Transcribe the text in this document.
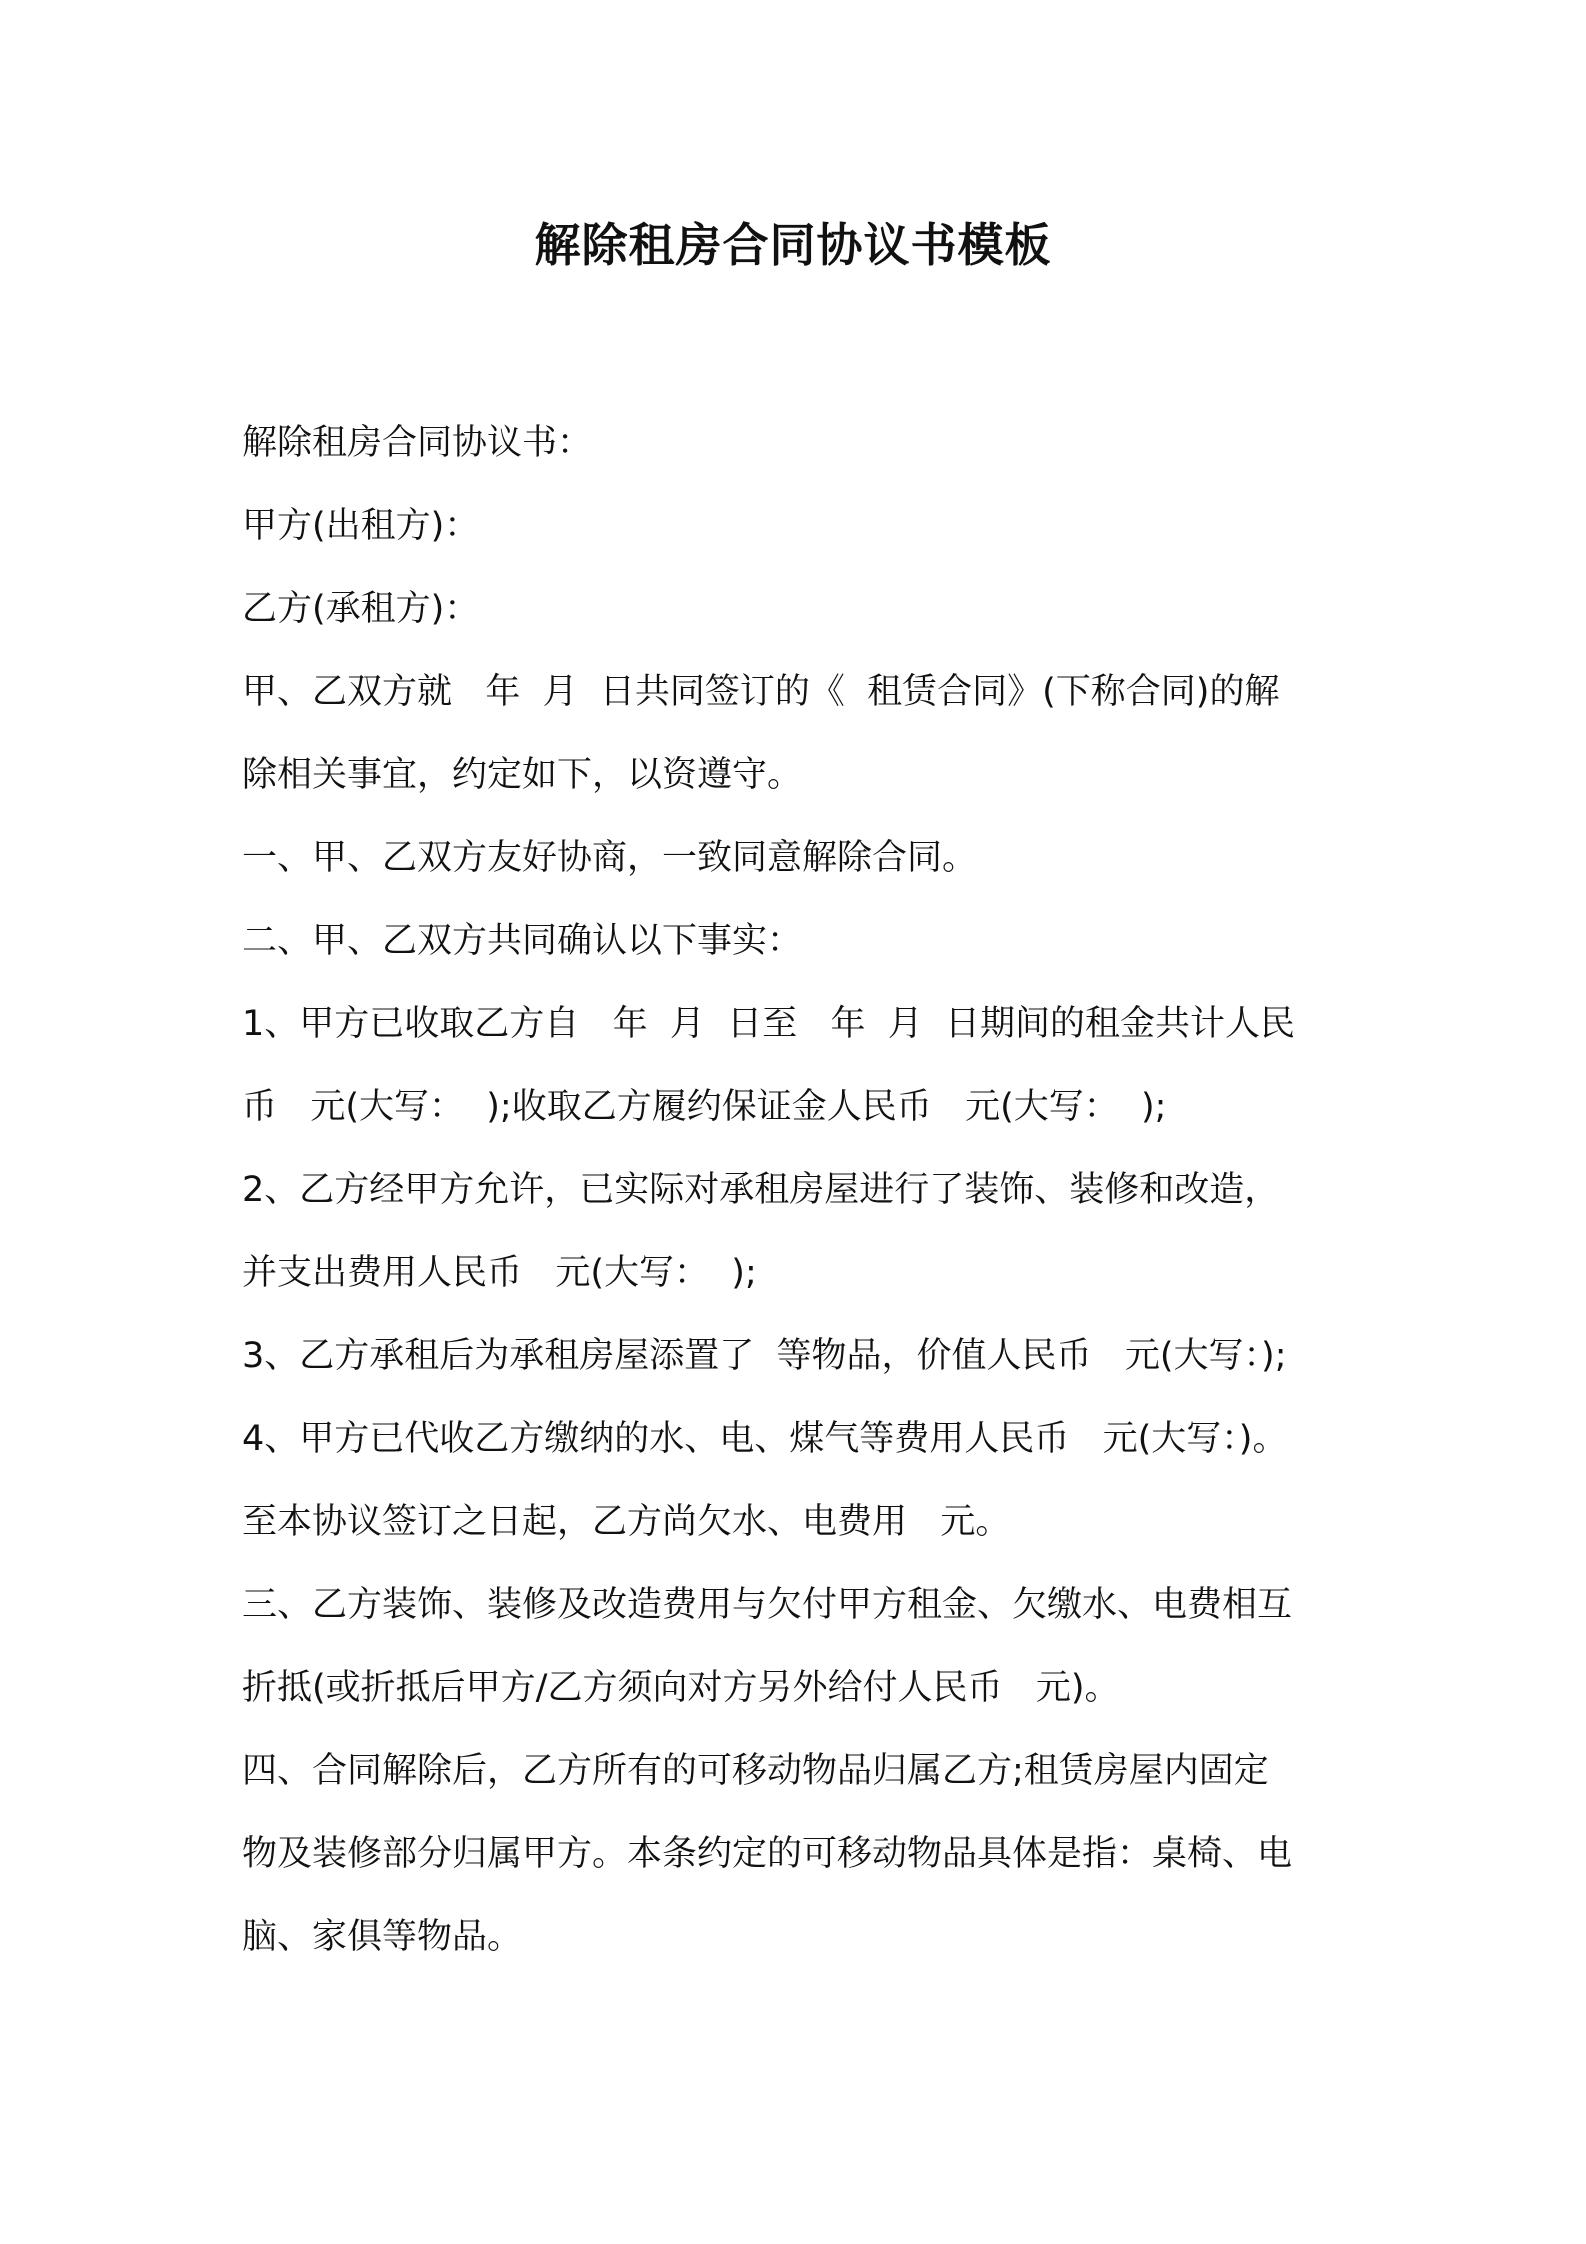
解除租房合同协议书模板

解除租房合同协议书：

甲方(出租方)：

乙方(承租方)：

甲、乙双方就   年  月  日共同签订的《  租赁合同》(下称合同)的解

除相关事宜，约定如下，以资遵守。

一、甲、乙双方友好协商，一致同意解除合同。

二、甲、乙双方共同确认以下事实：

1、甲方已收取乙方自   年  月  日至   年  月  日期间的租金共计人民

币   元(大写：  );收取乙方履约保证金人民币   元(大写：  );

2、乙方经甲方允许，已实际对承租房屋进行了装饰、装修和改造，

并支出费用人民币   元(大写：  );

3、乙方承租后为承租房屋添置了  等物品，价值人民币   元(大写：);

4、甲方已代收乙方缴纳的水、电、煤气等费用人民币   元(大写：)。

至本协议签订之日起，乙方尚欠水、电费用   元。

三、乙方装饰、装修及改造费用与欠付甲方租金、欠缴水、电费相互

折抵(或折抵后甲方/乙方须向对方另外给付人民币   元)。

四、合同解除后，乙方所有的可移动物品归属乙方;租赁房屋内固定

物及装修部分归属甲方。本条约定的可移动物品具体是指：桌椅、电

脑、家俱等物品。
